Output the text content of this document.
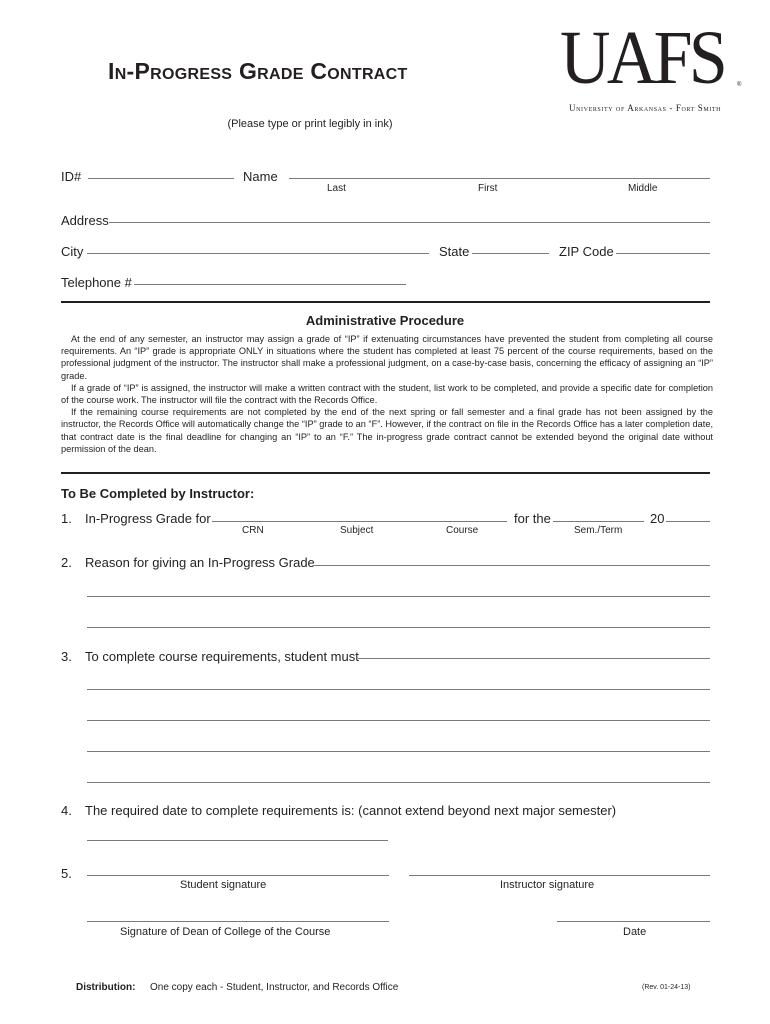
In-Progress Grade Contract
(Please type or print legibly in ink)
UAFS ®
University of Arkansas - Fort Smith
ID#	Name
Last	First	Middle
Address
City	State	ZIP Code
Telephone #
Administrative Procedure

At the end of any semester, an instructor may assign a grade of “IP” if extenuating circumstances have prevented the student from completing all course requirements. An “IP” grade is appropriate ONLY in situations where the student has completed at least 75 percent of the course requirements, based on the professional judgment of the instructor. The instructor shall make a professional judgment, on a case-by-case basis, concerning the efficacy of assigning an “IP” grade.

If a grade of “IP” is assigned, the instructor will make a written contract with the student, list work to be completed, and provide a specific date for completion of the course work. The instructor will file the contract with the Records Office.

If the remaining course requirements are not completed by the end of the next spring or fall semester and a final grade has not been assigned by the instructor, the Records Office will automatically change the “IP” grade to an “F”. However, if the contract on file in the Records Office has a later completion date, that contract date is the final deadline for changing an “IP” to an “F.” The in-progress grade contract cannot be extended beyond the original date without permission of the dean.

To Be Completed by Instructor:
1. In-Progress Grade for	for the	20
CRN	Subject	Course	Sem./Term
2. Reason for giving an In-Progress Grade
3. To complete course requirements, student must
4. The required date to complete requirements is: (cannot extend beyond next major semester)
5.
Student signature	Instructor signature
Signature of Dean of College of the Course	Date
Distribution: One copy each - Student, Instructor, and Records Office	(Rev. 01-24-13)
